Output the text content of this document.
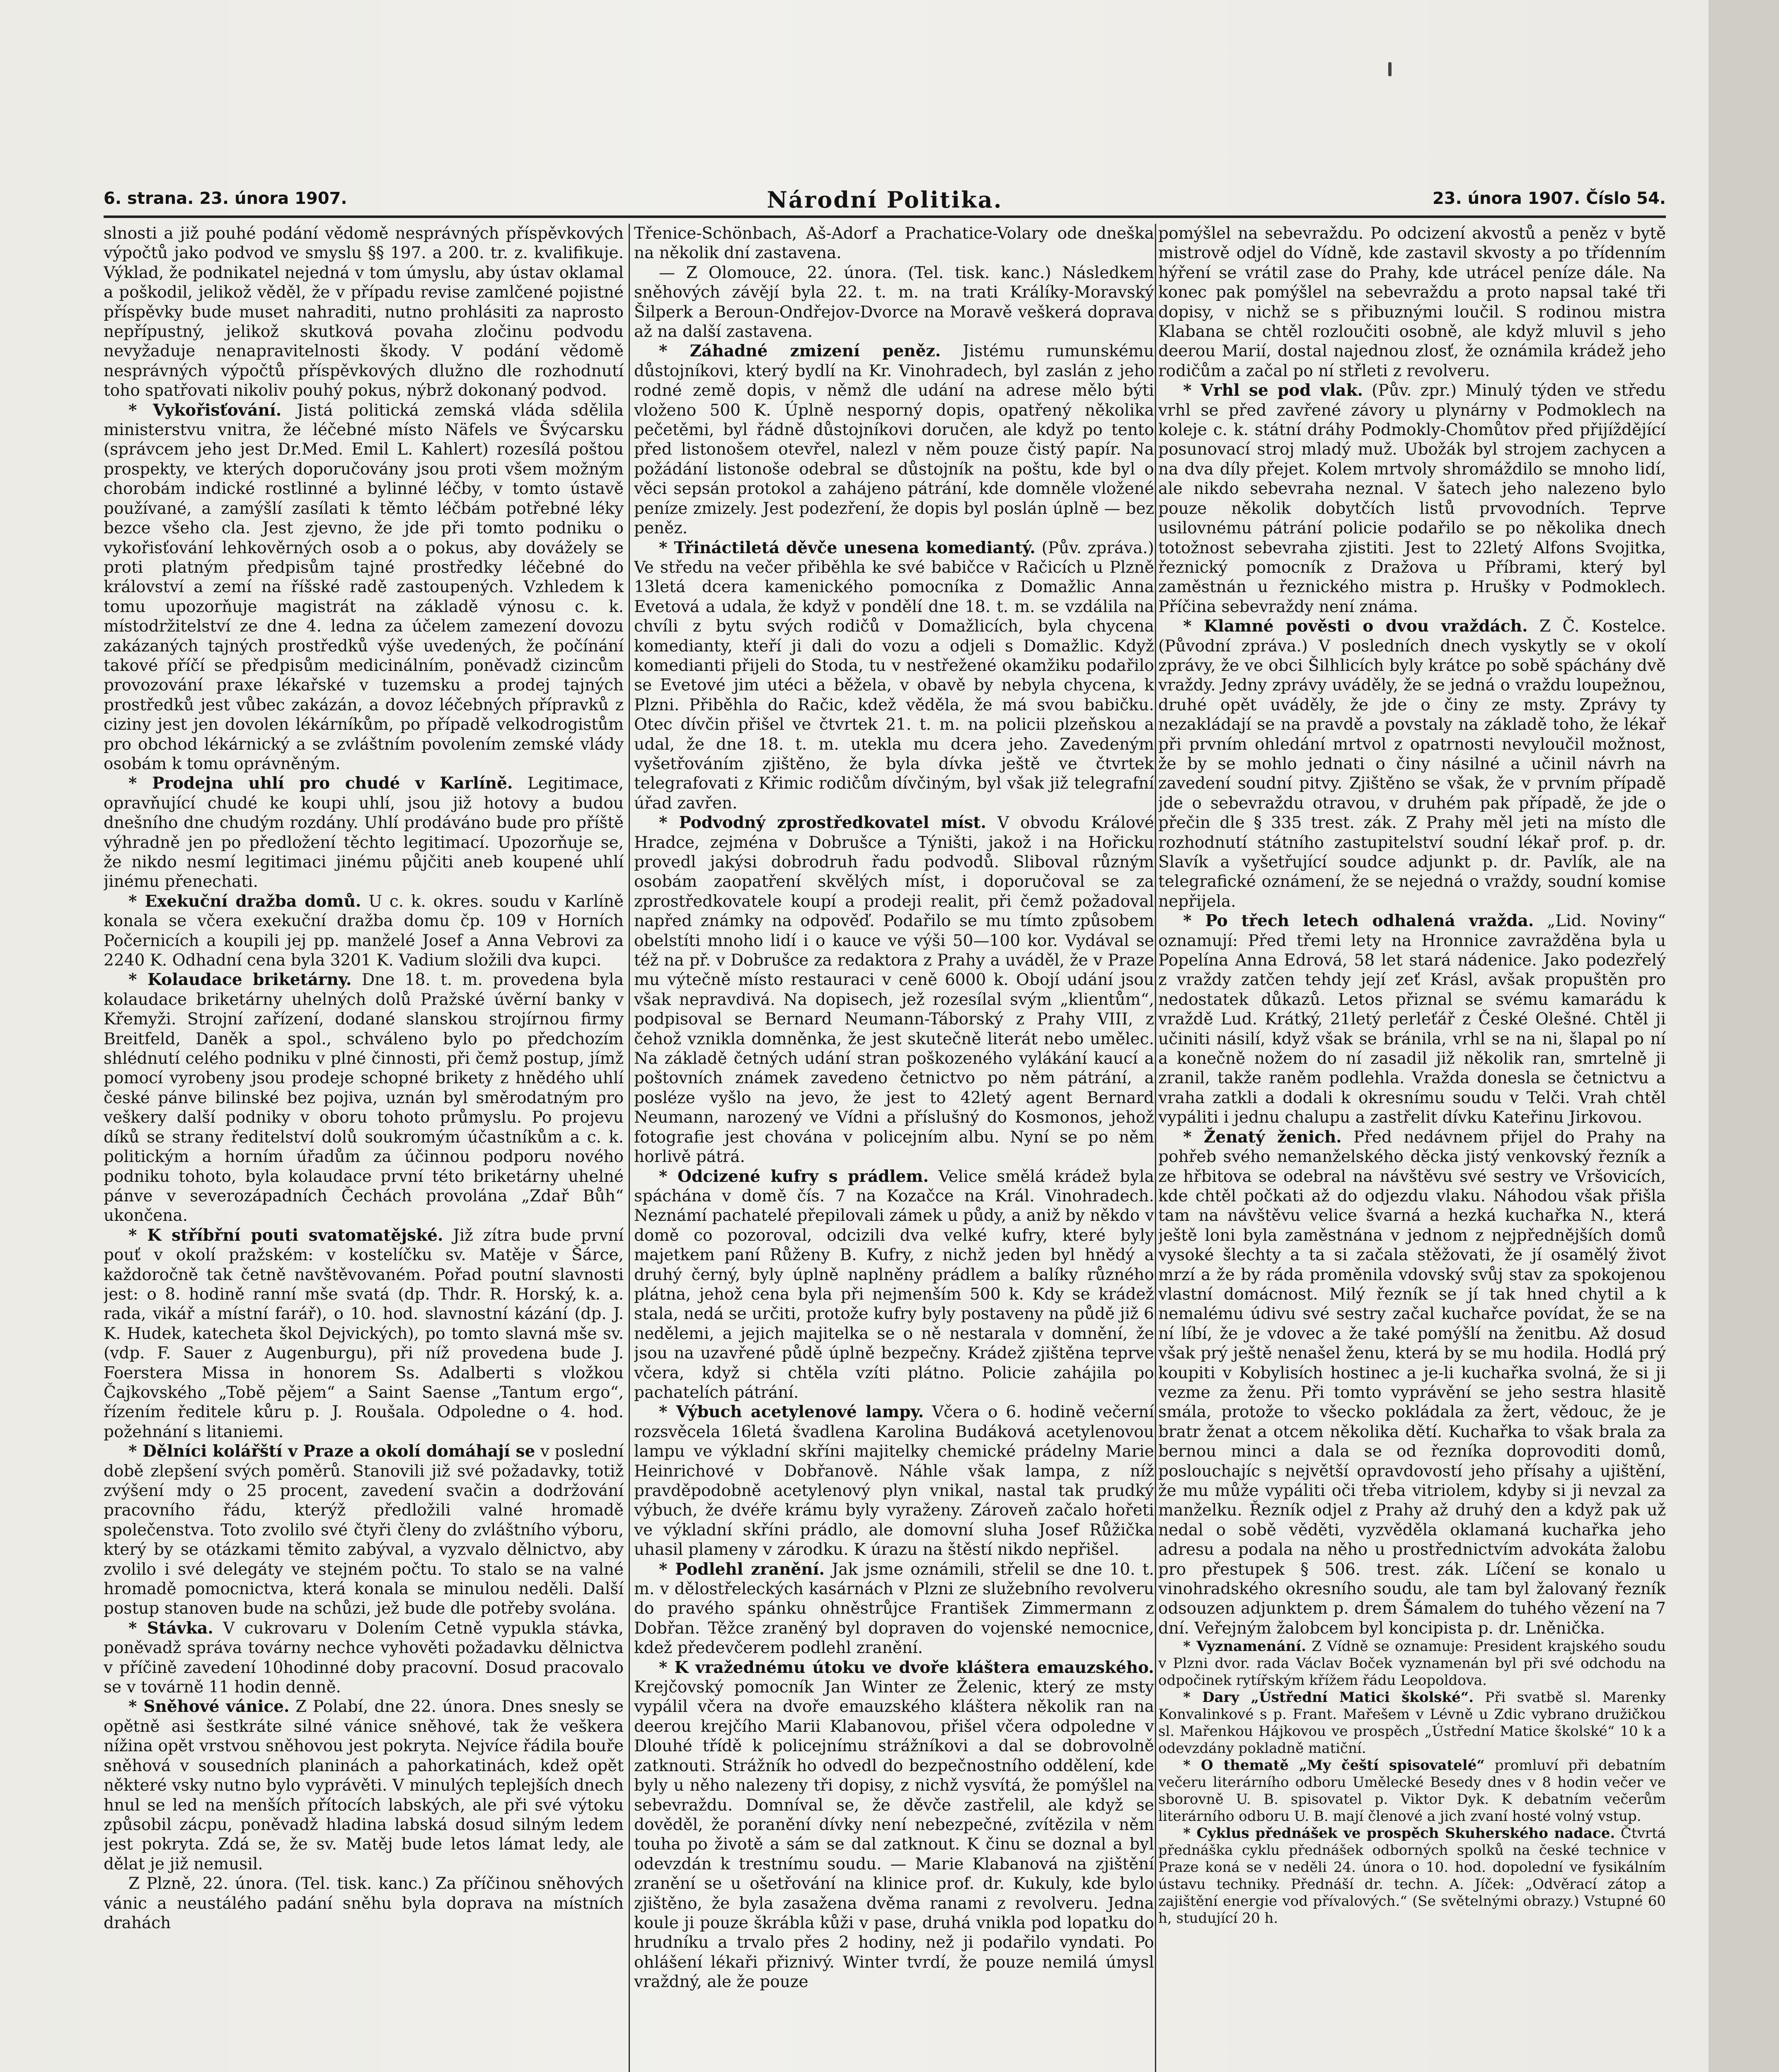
6. strana. 23. února 1907.	Národní Politika.	23. února 1907. Číslo 54.

slnosti a již pouhé podání vědomě nesprávných příspěvkových výpočtů jako podvod ve smyslu §§ 197. a 200. tr. z. kvalifikuje. Výklad, že podnikatel nejedná v tom úmyslu, aby ústav oklamal a poškodil, jelikož věděl, že v případu revise zamlčené pojistné příspěvky bude muset nahraditi, nutno prohlásiti za naprosto nepřípustný, jelikož skutková povaha zločinu podvodu nevyžaduje nenapravitelnosti škody. V podání vědomě nesprávných výpočtů příspěvkových dlužno dle rozhodnutí toho spatřovati nikoliv pouhý pokus, nýbrž dokonaný podvod.

* Vykořisťování. Jistá politická zemská vláda sdělila ministerstvu vnitra, že léčebné místo Näfels ve Švýcarsku (správcem jeho jest Dr.Med. Emil L. Kahlert) rozesílá poštou prospekty, ve kterých doporučovány jsou proti všem možným chorobám indické rostlinné a bylinné léčby, v tomto ústavě používané, a zamýšlí zasílati k těmto léčbám potřebné léky bezce všeho cla. Jest zjevno, že jde při tomto podniku o vykořisťování lehkověrných osob a o pokus, aby dovážely se proti platným předpisům tajné prostředky léčebné do království a zemí na říšské radě zastoupených. Vzhledem k tomu upozorňuje magistrát na základě výnosu c. k. místodržitelství ze dne 4. ledna za účelem zamezení dovozu zakázaných tajných prostředků výše uvedených, že počínání takové příčí se předpisům medicinálním, poněvadž cizincům provozování praxe lékařské v tuzemsku a prodej tajných prostředků jest vůbec zakázán, a dovoz léčebných přípravků z ciziny jest jen dovolen lékárníkům, po případě velkodrogistům pro obchod lékárnický a se zvláštním povolením zemské vlády osobám k tomu oprávněným.

* Prodejna uhlí pro chudé v Karlíně. Legitimace, opravňující chudé ke koupi uhlí, jsou již hotovy a budou dnešního dne chudým rozdány. Uhlí prodáváno bude pro příště výhradně jen po předložení těchto legitimací. Upozorňuje se, že nikdo nesmí legitimaci jinému půjčiti aneb koupené uhlí jinému přenechati.

* Exekuční dražba domů. U c. k. okres. soudu v Karlíně konala se včera exekuční dražba domu čp. 109 v Horních Počernicích a koupili jej pp. manželé Josef a Anna Vebrovi za 2240 K. Odhadní cena byla 3201 K. Vadium složili dva kupci.

* Kolaudace briketárny. Dne 18. t. m. provedena byla kolaudace briketárny uhelných dolů Pražské úvěrní banky v Křemyži. Strojní zařízení, dodané slanskou strojírnou firmy Breitfeld, Daněk a spol., schváleno bylo po předchozím shlédnutí celého podniku v plné činnosti, při čemž postup, jímž pomocí vyrobeny jsou prodeje schopné brikety z hnědého uhlí české pánve bilinské bez pojiva, uznán byl směrodatným pro veškery další podniky v oboru tohoto průmyslu. Po projevu díků se strany ředitelství dolů soukromým účastníkům a c. k. politickým a horním úřadům za účinnou podporu nového podniku tohoto, byla kolaudace první této briketárny uhelné pánve v severozápadních Čechách provolána „Zdař Bůh“ ukončena.

* K stříbřní pouti svatomatějské. Již zítra bude první pouť v okolí pražském: v kostelíčku sv. Matěje v Šárce, každoročně tak četně navštěvovaném. Pořad poutní slavnosti jest: o 8. hodině ranní mše svatá (dp. Thdr. R. Horský, k. a. rada, vikář a místní farář), o 10. hod. slavnostní kázání (dp. J. K. Hudek, katecheta škol Dejvických), po tomto slavná mše sv. (vdp. F. Sauer z Augenburgu), při níž provedena bude J. Foerstera Missa in honorem Ss. Adalberti s vložkou Čajkovského „Tobě pějem“ a Saint Saense „Tantum ergo“, řízením ředitele kůru p. J. Roušala. Odpoledne o 4. hod. požehnání s litaniemi.

* Dělníci kolářští v Praze a okolí domáhají se v poslední době zlepšení svých poměrů. Stanovili již své požadavky, totiž zvýšení mdy o 25 procent, zavedení svačin a dodržování pracovního řádu, kterýž předložili valné hromadě společenstva. Toto zvolilo své čtyři členy do zvláštního výboru, který by se otázkami těmito zabýval, a vyzvalo dělnictvo, aby zvolilo i své delegáty ve stejném počtu. To stalo se na valné hromadě pomocnictva, která konala se minulou neděli. Další postup stanoven bude na schůzi, jež bude dle potřeby svolána.

* Stávka. V cukrovaru v Dolením Cetně vypukla stávka, poněvadž správa továrny nechce vyhověti požadavku dělnictva v příčině zavedení 10hodinné doby pracovní. Dosud pracovalo se v továrně 11 hodin denně.

* Sněhové vánice. Z Polabí, dne 22. února. Dnes snesly se opětně asi šestkráte silné vánice sněhové, tak že veškera nížina opět vrstvou sněhovou jest pokryta. Nejvíce řádila bouře sněhová v sousedních planinách a pahorkatinách, kdež opět některé vsky nutno bylo vyprávěti. V minulých teplejších dnech hnul se led na menších přítocích labských, ale při své výtoku způsobil zácpu, poněvadž hladina labská dosud silným ledem jest pokryta. Zdá se, že sv. Matěj bude letos lámat ledy, ale dělat je již nemusil.

Z Plzně, 22. února. (Tel. tisk. kanc.) Za příčinou sněhových vánic a neustálého padání sněhu byla doprava na místních drahách

Třenice-Schönbach, Aš-Adorf a Prachatice-Volary ode dneška na několik dní zastavena.

— Z Olomouce, 22. února. (Tel. tisk. kanc.) Následkem sněhových závějí byla 22. t. m. na trati Králíky-Moravský Šilperk a Beroun-Ondřejov-Dvorce na Moravě veškerá doprava až na další zastavena.

* Záhadné zmizení peněz. Jistému rumunskému důstojníkovi, který bydlí na Kr. Vinohradech, byl zaslán z jeho rodné země dopis, v němž dle udání na adrese mělo býti vloženo 500 K. Úplně nesporný dopis, opatřený několika pečetěmi, byl řádně důstojníkovi doručen, ale když po tento před listonošem otevřel, nalezl v něm pouze čistý papír. Na požádání listonoše odebral se důstojník na poštu, kde byl o věci sepsán protokol a zahájeno pátrání, kde domněle vložené peníze zmizely. Jest podezření, že dopis byl poslán úplně — bez peněz.

* Třináctiletá děvče unesena komediantý. (Pův. zpráva.) Ve středu na večer přiběhla ke své babičce v Račicích u Plzně 13letá dcera kamenického pomocníka z Domažlic Anna Evetová a udala, že když v pondělí dne 18. t. m. se vzdálila na chvíli z bytu svých rodičů v Domažlicích, byla chycena komedianty, kteří ji dali do vozu a odjeli s Domažlic. Když komedianti přijeli do Stoda, tu v nestřežené okamžiku podařilo se Evetové jim utéci a běžela, v obavě by nebyla chycena, k Plzni. Přiběhla do Račic, kdež věděla, že má svou babičku. Otec dívčin přišel ve čtvrtek 21. t. m. na policii plzeňskou a udal, že dne 18. t. m. utekla mu dcera jeho. Zavedeným vyšetřováním zjištěno, že byla dívka ještě ve čtvrtek telegrafovati z Křimic rodičům dívčiným, byl však již telegrafní úřad zavřen.

* Podvodný zprostředkovatel míst. V obvodu Králové Hradce, zejména v Dobrušce a Týništi, jakož i na Hořicku provedl jakýsi dobrodruh řadu podvodů. Sliboval různým osobám zaopatření skvělých míst, i doporučoval se za zprostředkovatele koupí a prodeji realit, při čemž požadoval napřed známky na odpověď. Podařilo se mu tímto způsobem obelstíti mnoho lidí i o kauce ve výši 50—100 kor. Vydával se též na př. v Dobrušce za redaktora z Prahy a uváděl, že v Praze mu výtečně místo restauraci v ceně 6000 k. Obojí udání jsou však nepravdivá. Na dopisech, jež rozesílal svým „klientům“, podpisoval se Bernard Neumann-Táborský z Prahy VIII, z čehož vznikla domněnka, že jest skutečně literát nebo umělec. Na základě četných udání stran poškozeného vylákání kaucí a poštovních známek zavedeno četnictvo po něm pátrání, a posléze vyšlo na jevo, že jest to 42letý agent Bernard Neumann, narozený ve Vídni a příslušný do Kosmonos, jehož fotografie jest chována v policejním albu. Nyní se po něm horlivě pátrá.

* Odcizené kufry s prádlem. Velice smělá krádež byla spáchána v domě čís. 7 na Kozačce na Král. Vinohradech. Neznámí pachatelé přepilovali zámek u půdy, a aniž by někdo v domě co pozoroval, odcizili dva velké kufry, které byly majetkem paní Růženy B. Kufry, z nichž jeden byl hnědý a druhý černý, byly úplně naplněny prádlem a balíky různého plátna, jehož cena byla při nejmenším 500 k. Kdy se krádež stala, nedá se určiti, protože kufry byly postaveny na půdě již 6 nedělemi, a jejich majitelka se o ně nestarala v domnění, že jsou na uzavřené půdě úplně bezpečny. Krádež zjištěna teprve včera, když si chtěla vzíti plátno. Policie zahájila po pachatelích pátrání.

* Výbuch acetylenové lampy. Včera o 6. hodině večerní rozsvěcela 16letá švadlena Karolina Budáková acetylenovou lampu ve výkladní skříni majitelky chemické prádelny Marie Heinrichové v Dobřanově. Náhle však lampa, z níž pravděpodobně acetylenový plyn vnikal, nastal tak prudký výbuch, že dvéře krámu byly vyraženy. Zároveň začalo hořeti ve výkladní skříni prádlo, ale domovní sluha Josef Růžička uhasil plameny v zárodku. K úrazu na štěstí nikdo nepřišel.

* Podlehl zranění. Jak jsme oznámili, střelil se dne 10. t. m. v dělostřeleckých kasárnách v Plzni ze služebního revolveru do pravého spánku ohněstrůjce František Zimmermann z Dobřan. Těžce zraněný byl dopraven do vojenské nemocnice, kdež předevčerem podlehl zranění.

* K vražednému útoku ve dvoře kláštera emauzského. Krejčovský pomocník Jan Winter ze Želenic, který ze msty vypálil včera na dvoře emauzského kláštera několik ran na deerou krejčího Marii Klabanovou, přišel včera odpoledne v Dlouhé třídě k policejnímu strážníkovi a dal se dobrovolně zatknouti. Strážník ho odvedl do bezpečnostního oddělení, kde byly u něho nalezeny tři dopisy, z nichž vysvítá, že pomýšlel na sebevraždu. Domníval se, že děvče zastřelil, ale když se dověděl, že poranění dívky není nebezpečné, zvítězila v něm touha po životě a sám se dal zatknout. K činu se doznal a byl odevzdán k trestnímu soudu. — Marie Klabanová na zjištění zranění se u ošetřování na klinice prof. dr. Kukuly, kde bylo zjištěno, že byla zasažena dvěma ranami z revolveru. Jedna koule ji pouze škrábla kůži v pase, druhá vnikla pod lopatku do hrudníku a trvalo přes 2 hodiny, než ji podařilo vyndati. Po ohlášení lékaři přiznivý. Winter tvrdí, že pouze nemilá úmysl vraždný, ale že pouze

pomýšlel na sebevraždu. Po odcizení akvostů a peněz v bytě mistrově odjel do Vídně, kde zastavil skvosty a po třídenním hýření se vrátil zase do Prahy, kde utrácel peníze dále. Na konec pak pomýšlel na sebevraždu a proto napsal také tři dopisy, v nichž se s přibuznými loučil. S rodinou mistra Klabana se chtěl rozloučiti osobně, ale když mluvil s jeho deerou Marií, dostal najednou zlosť, že oznámila krádež jeho rodičům a začal po ní střleti z revolveru.

* Vrhl se pod vlak. (Pův. zpr.) Minulý týden ve středu vrhl se před zavřené závory u plynárny v Podmoklech na koleje c. k. státní dráhy Podmokly-Chomůtov před přijíždějící posunovací stroj mladý muž. Ubožák byl strojem zachycen a na dva díly přejet. Kolem mrtvoly shromáždilo se mnoho lidí, ale nikdo sebevraha neznal. V šatech jeho nalezeno bylo pouze několik dobytčích listů prvovodních. Teprve usilovnému pátrání policie podařilo se po několika dnech totožnost sebevraha zjistiti. Jest to 22letý Alfons Svojitka, řeznický pomocník z Dražova u Příbrami, který byl zaměstnán u řeznického mistra p. Hrušky v Podmoklech. Příčina sebevraždy není známa.

* Klamné pověsti o dvou vraždách. Z Č. Kostelce. (Původní zpráva.) V posledních dnech vyskytly se v okolí zprávy, že ve obci Šilhlicích byly krátce po sobě spáchány dvě vraždy. Jedny zprávy uváděly, že se jedná o vraždu loupežnou, druhé opět uváděly, že jde o činy ze msty. Zprávy ty nezakládají se na pravdě a povstaly na základě toho, že lékař při prvním ohledání mrtvol z opatrnosti nevyloučil možnost, že by se mohlo jednati o činy násilné a učinil návrh na zavedení soudní pitvy. Zjištěno se však, že v prvním případě jde o sebevraždu otravou, v druhém pak případě, že jde o přečin dle § 335 trest. zák. Z Prahy měl jeti na místo dle rozhodnutí státního zastupitelství soudní lékař prof. p. dr. Slavík a vyšetřující soudce adjunkt p. dr. Pavlík, ale na telegrafické oznámení, že se nejedná o vraždy, soudní komise nepřijela.

* Po třech letech odhalená vražda. „Lid. Noviny“ oznamují: Před třemi lety na Hronnice zavražděna byla u Popelína Anna Edrová, 58 let stará nádenice. Jako podezřelý z vraždy zatčen tehdy její zeť Krásl, avšak propuštěn pro nedostatek důkazů. Letos přiznal se svému kamarádu k vraždě Lud. Krátký, 21letý perleťář z České Olešné. Chtěl ji učiniti násilí, když však se bránila, vrhl se na ni, šlapal po ní a konečně nožem do ní zasadil již několik ran, smrtelně ji zranil, takže raněm podlehla. Vražda donesla se četnictvu a vraha zatkli a dodali k okresnímu soudu v Telči. Vrah chtěl vypáliti i jednu chalupu a zastřelit dívku Kateřinu Jirkovou.

* Ženatý ženich. Před nedávnem přijel do Prahy na pohřeb svého nemanželského děcka jistý venkovský řezník a ze hřbitova se odebral na návštěvu své sestry ve Vršovicích, kde chtěl počkati až do odjezdu vlaku. Náhodou však přišla tam na návštěvu velice švarná a hezká kuchařka N., která ještě loni byla zaměstnána v jednom z nejpřednějších domů vysoké šlechty a ta si začala stěžovati, že jí osamělý život mrzí a že by ráda proměnila vdovský svůj stav za spokojenou vlastní domácnost. Milý řezník se jí tak hned chytil a k nemalému údivu své sestry začal kuchařce povídat, že se na ní líbí, že je vdovec a že také pomýšlí na ženitbu. Až dosud však prý ještě nenašel ženu, která by se mu hodila. Hodlá prý koupiti v Kobylisích hostinec a je-li kuchařka svolná, že si ji vezme za ženu. Při tomto vyprávění se jeho sestra hlasitě smála, protože to všecko pokládala za žert, vědouc, že je bratr ženat a otcem několika dětí. Kuchařka to však brala za bernou minci a dala se od řezníka doprovoditi domů, poslouchajíc s největší opravdovostí jeho přísahy a ujištění, že mu může vypáliti oči třeba vitriolem, kdyby si ji nevzal za manželku. Řezník odjel z Prahy až druhý den a když pak už nedal o sobě věděti, vyzvěděla oklamaná kuchařka jeho adresu a podala na něho u prostřednictvím advokáta žalobu pro přestupek § 506. trest. zák. Líčení se konalo u vinohradského okresního soudu, ale tam byl žalovaný řezník odsouzen adjunktem p. drem Šámalem do tuhého vězení na 7 dní. Veřejným žalobcem byl koncipista p. dr. Lněnička.

* Vyznamenání. Z Vídně se oznamuje: President krajského soudu v Plzni dvor. rada Václav Boček vyznamenán byl při své odchodu na odpočinek rytířským křížem řádu Leopoldova.

* Dary „Ústřední Matici školské“. Při svatbě sl. Marenky Konvalinkové s p. Frant. Mařešem v Lévně u Zdic vybrano družičkou sl. Mařenkou Hájkovou ve prospěch „Ústřední Matice školské“ 10 k a odevzdány pokladně matiční.

* O thematě „My čeští spisovatelé“ promluví při debatním večeru literárního odboru Umělecké Besedy dnes v 8 hodin večer ve sborovně U. B. spisovatel p. Viktor Dyk. K debatním večerům literárního odboru U. B. mají členové a jich zvaní hosté volný vstup.

* Cyklus přednášek ve prospěch Skuherského nadace. Čtvrtá přednáška cyklu přednášek odborných spolků na české technice v Praze koná se v neděli 24. února o 10. hod. dopolední ve fysikálním ústavu techniky. Přednáší dr. techn. A. Jíček: „Odvěrací zátop a zajištění energie vod přívalových.“ (Se světelnými obrazy.) Vstupné 60 h, studující 20 h.
